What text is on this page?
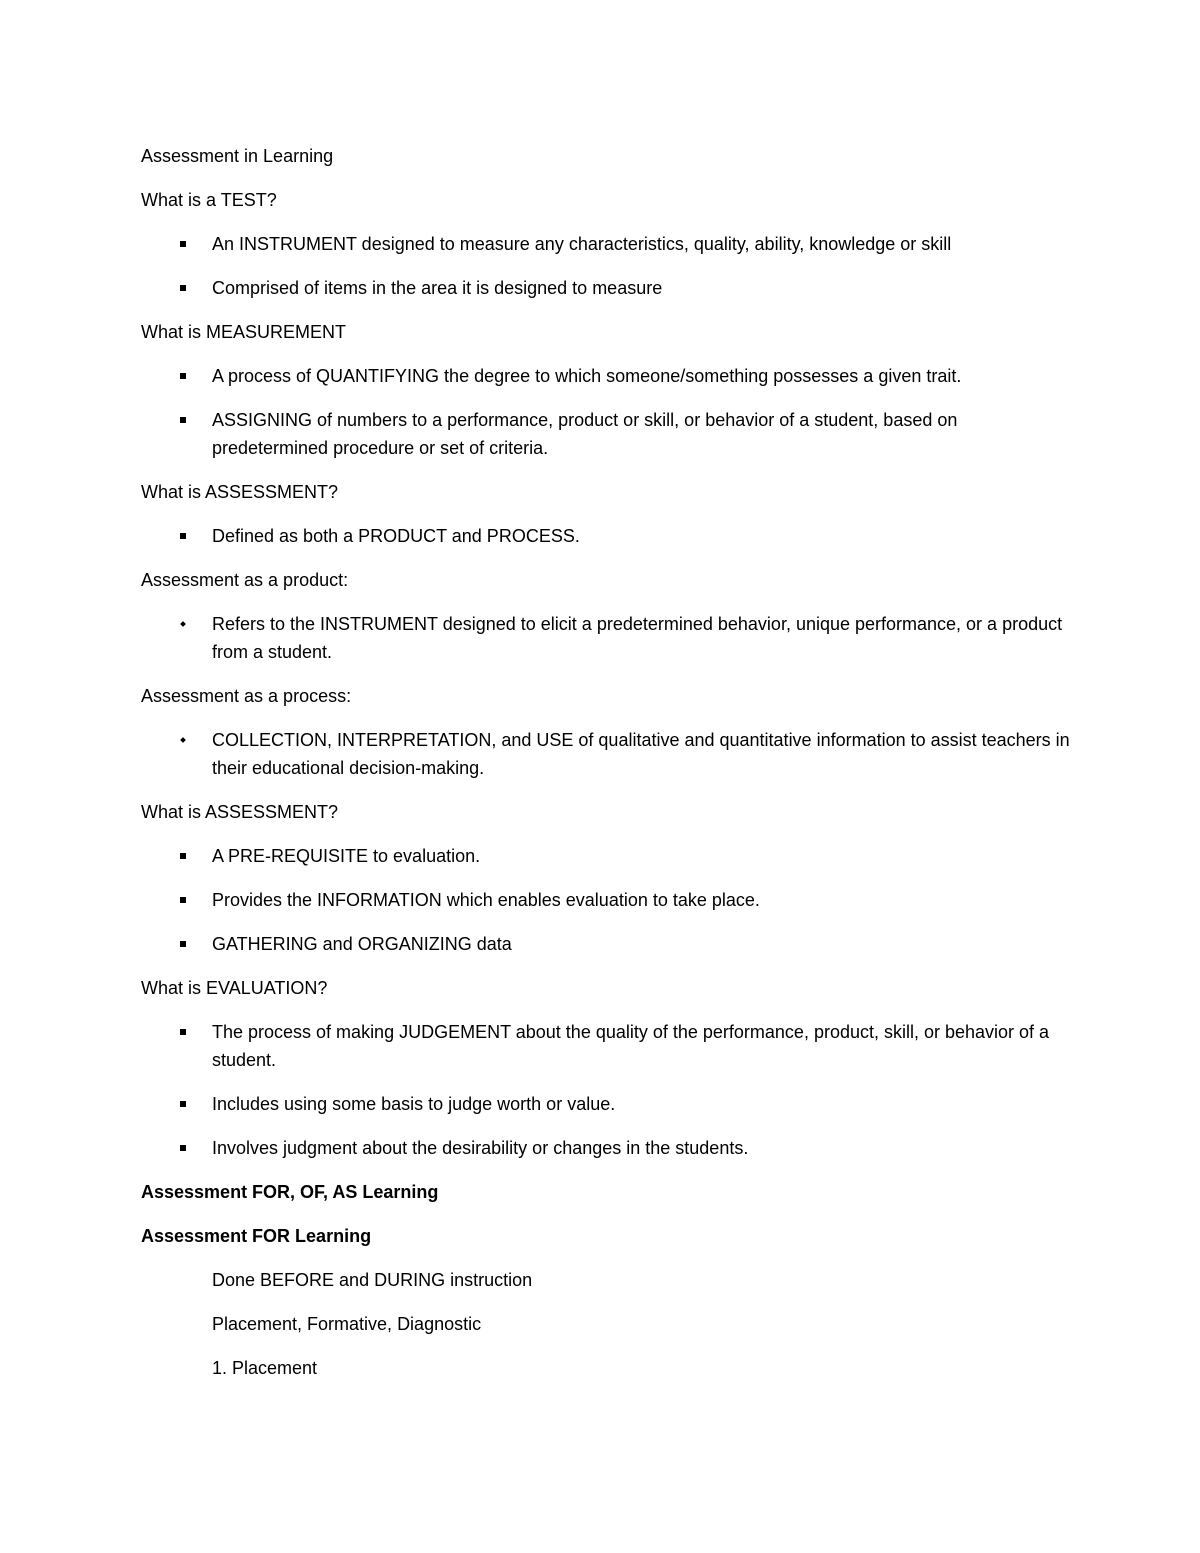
Assessment in Learning
What is a TEST?
An INSTRUMENT designed to measure any characteristics, quality, ability, knowledge or skill
Comprised of items in the area it is designed to measure
What is MEASUREMENT
A process of QUANTIFYING the degree to which someone/something possesses a given trait.
ASSIGNING of numbers to a performance, product or skill, or behavior of a student, based on predetermined procedure or set of criteria.
What is ASSESSMENT?
Defined as both a PRODUCT and PROCESS.
Assessment as a product:
Refers to the INSTRUMENT designed to elicit a predetermined behavior, unique performance, or a product from a student.
Assessment as a process:
COLLECTION, INTERPRETATION, and USE of qualitative and quantitative information to assist teachers in their educational decision-making.
What is ASSESSMENT?
A PRE-REQUISITE to evaluation.
Provides the INFORMATION which enables evaluation to take place.
GATHERING and ORGANIZING data
What is EVALUATION?
The process of making JUDGEMENT about the quality of the performance, product, skill, or behavior of a student.
Includes using some basis to judge worth or value.
Involves judgment about the desirability or changes in the students.
Assessment FOR, OF, AS Learning
Assessment FOR Learning
Done BEFORE and DURING instruction
Placement, Formative, Diagnostic
1. Placement
